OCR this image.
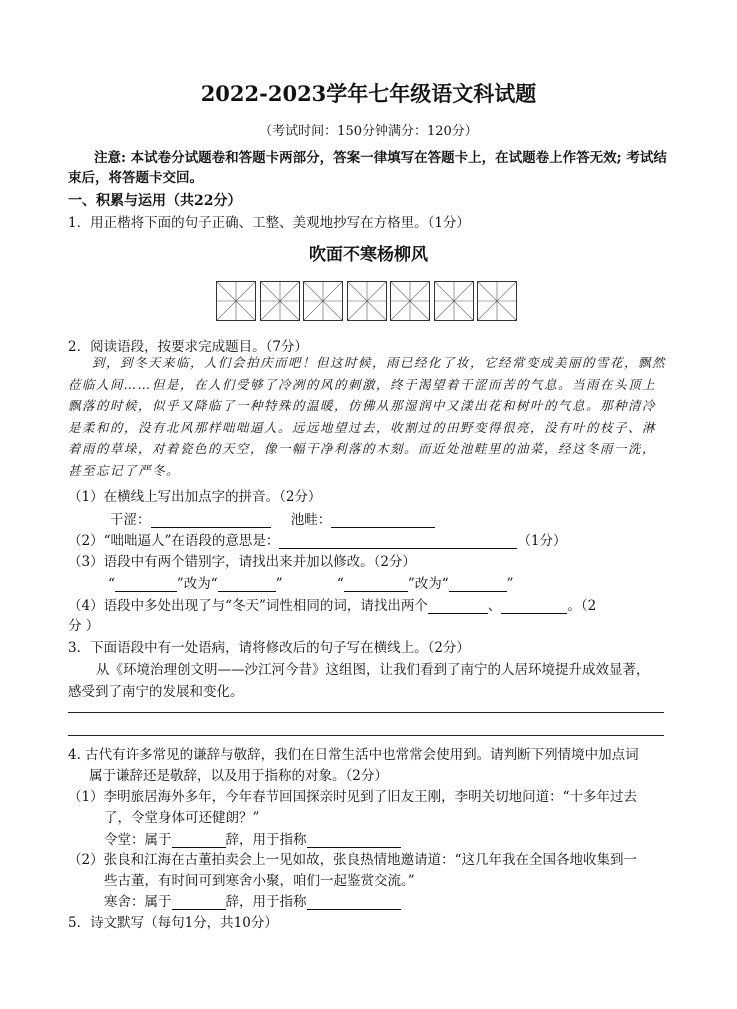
2022-2023学年七年级语文科试题
（考试时间：150分钟满分：120分）
注意: 本试卷分试题卷和答题卡两部分，答案一律填写在答题卡上，在试题卷上作答无效; 考试结束后，将答题卡交回。
一、积累与运用（共22分）
1．用正楷将下面的句子正确、工整、美观地抄写在方格里。（1分）
吹面不寒杨柳风
2．阅读语段，按要求完成题目。（7分）
到，到冬天来临，人们会拍庆而吧！但这时候，雨已经化了妆，它经常变成美丽的雪花，飘然莅临人间……但是，在人们受够了冷冽的风的刺激，终于渴望着干涩而苦的气息。当雨在头顶上飘落的时候，似乎又降临了一种特殊的温暖，仿佛从那湿润中又漾出花和树叶的气息。那种清冷是柔和的，没有北风那样咄咄逼人。远远地望过去，收割过的田野变得很亮，没有叶的枝子、淋着雨的草垛，对着瓷色的天空，像一幅干净利落的木刻。而近处池畦里的油菜，经这冬雨一洗，甚至忘记了严冬。
（1）在横线上写出加点字的拼音。（2分）
干涩：	池畦：
（2）“咄咄逼人”在语段的意思是：	（1分）
（3）语段中有两个错别字，请找出来并加以修改。（2分）
“	”改为“	”	“	”改为“	”
（4）语段中多处出现了与“冬天”词性相同的词，请找出两个	、	。（2
分 ）
3．下面语段中有一处语病，请将修改后的句子写在横线上。（2分）
从《环境治理创文明——沙江河今昔》这组图，让我们看到了南宁的人居环境提升成效显著，
感受到了南宁的发展和变化。
4. 古代有许多常见的谦辞与敬辞，我们在日常生活中也常常会使用到。请判断下列情境中加点词
属于谦辞还是敬辞，以及用于指称的对象。（2分）
（1）李明旅居海外多年，今年春节回国探亲时见到了旧友王刚，李明关切地问道：“十多年过去
了，令堂身体可还健朗？”
令堂：属于	辞，用于指称
（2）张良和江海在古董拍卖会上一见如故，张良热情地邀请道：“这几年我在全国各地收集到一
些古董，有时间可到寒舍小聚，咱们一起鉴赏交流。”
寒舍：属于	辞，用于指称
5．诗文默写（每句1分，共10分）
